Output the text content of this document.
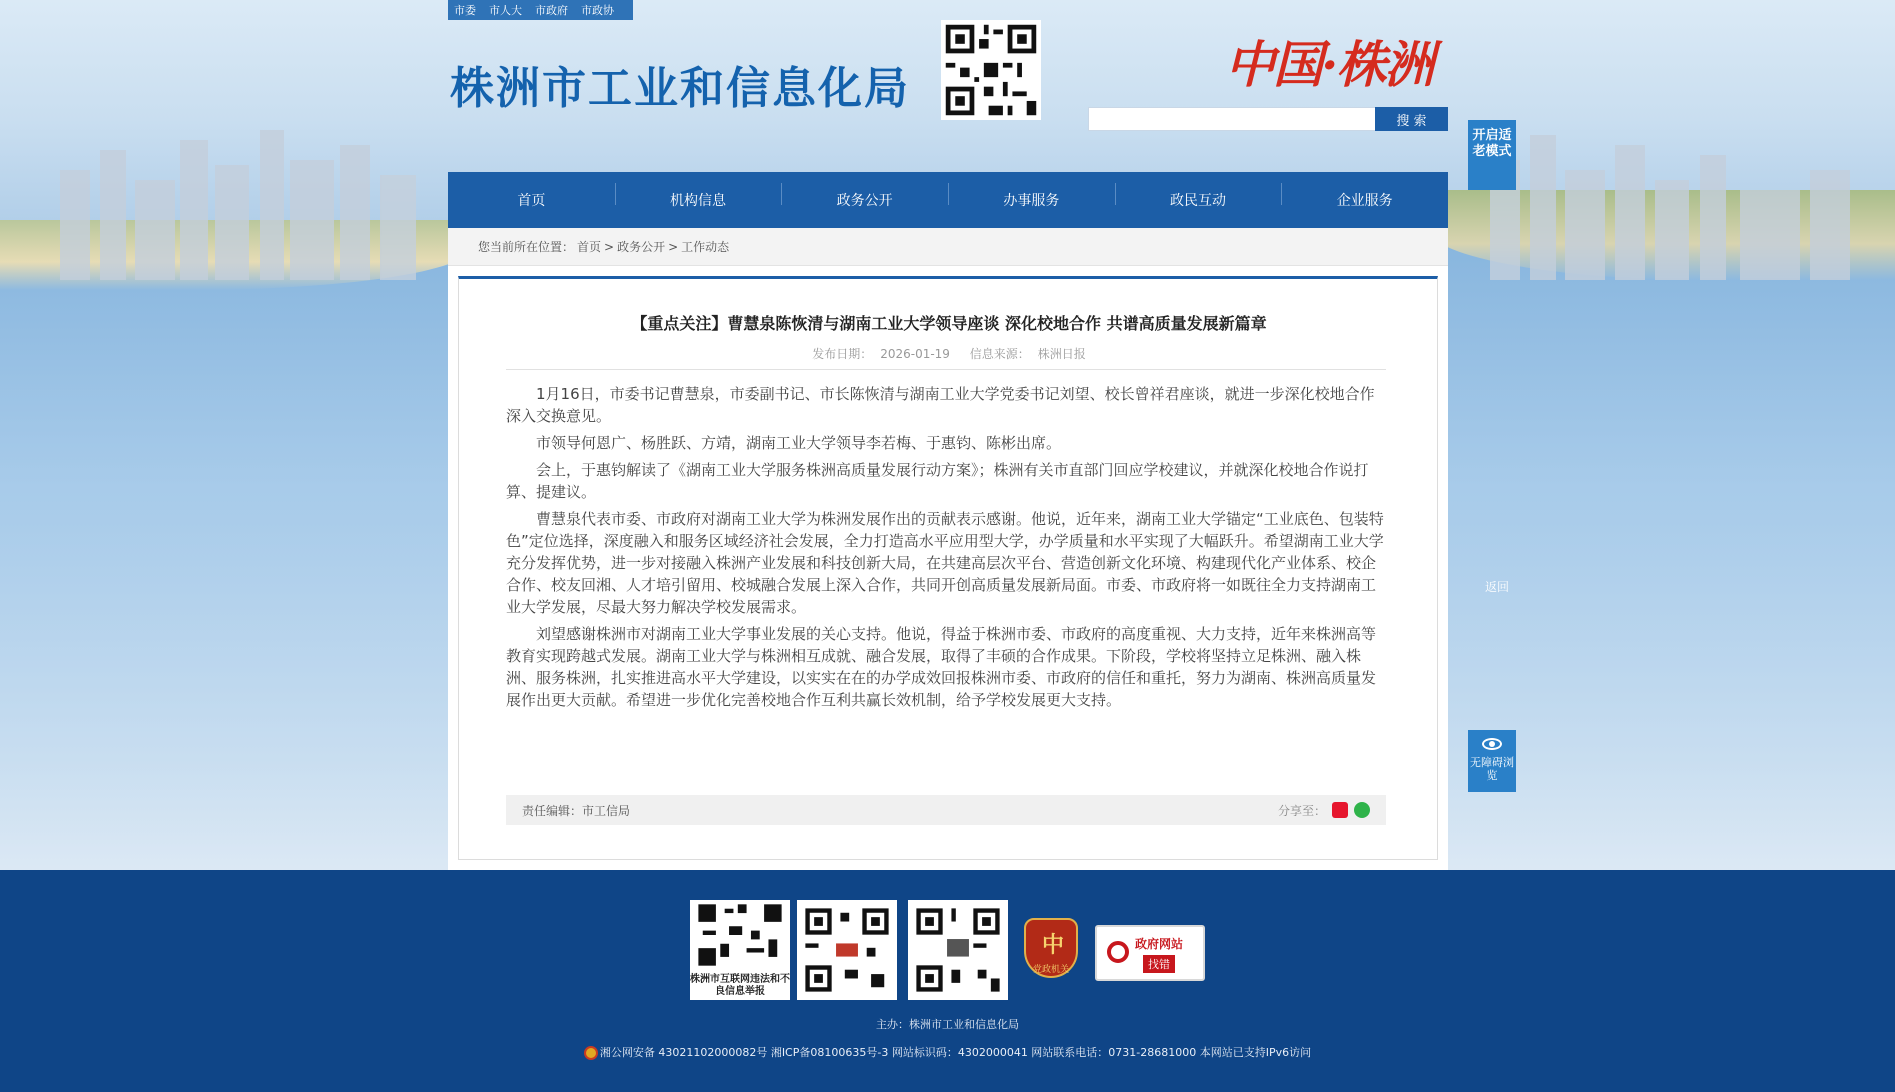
市委 市人大 市政府 市政协
株洲市工业和信息化局	中国·株洲
搜 索
开启适老模式
首页	机构信息	政务公开	办事服务	政民互动	企业服务
您当前所在位置： 首页 > 政务公开 > 工作动态
【重点关注】曹慧泉陈恢清与湖南工业大学领导座谈 深化校地合作 共谱高质量发展新篇章
发布日期： 2026-01-19 信息来源： 株洲日报

1月16日，市委书记曹慧泉，市委副书记、市长陈恢清与湖南工业大学党委书记刘望、校长曾祥君座谈，就进一步深化校地合作深入交换意见。

市领导何恩广、杨胜跃、方靖，湖南工业大学领导李若梅、于惠钧、陈彬出席。

会上，于惠钧解读了《湖南工业大学服务株洲高质量发展行动方案》；株洲有关市直部门回应学校建议，并就深化校地合作说打算、提建议。

曹慧泉代表市委、市政府对湖南工业大学为株洲发展作出的贡献表示感谢。他说，近年来，湖南工业大学锚定“工业底色、包装特色”定位选择，深度融入和服务区域经济社会发展，全力打造高水平应用型大学，办学质量和水平实现了大幅跃升。希望湖南工业大学充分发挥优势，进一步对接融入株洲产业发展和科技创新大局，在共建高层次平台、营造创新文化环境、构建现代化产业体系、校企合作、校友回湘、人才培引留用、校城融合发展上深入合作，共同开创高质量发展新局面。市委、市政府将一如既往全力支持湖南工业大学发展，尽最大努力解决学校发展需求。

刘望感谢株洲市对湖南工业大学事业发展的关心支持。他说，得益于株洲市委、市政府的高度重视、大力支持，近年来株洲高等教育实现跨越式发展。湖南工业大学与株洲相互成就、融合发展，取得了丰硕的合作成果。下阶段，学校将坚持立足株洲、融入株洲、服务株洲，扎实推进高水平大学建设，以实实在在的办学成效回报株洲市委、市政府的信任和重托，努力为湖南、株洲高质量发展作出更大贡献。希望进一步优化完善校地合作互利共赢长效机制，给予学校发展更大支持。

责任编辑：市工信局	分享至：
返回
无障碍浏览
株洲市互联网违法和不良信息举报
中
党政机关
政府网站
找错
主办：株洲市工业和信息化局
湘公网安备 43021102000082号 湘ICP备08100635号-3 网站标识码：4302000041 网站联系电话：0731-28681000 本网站已支持IPv6访问
